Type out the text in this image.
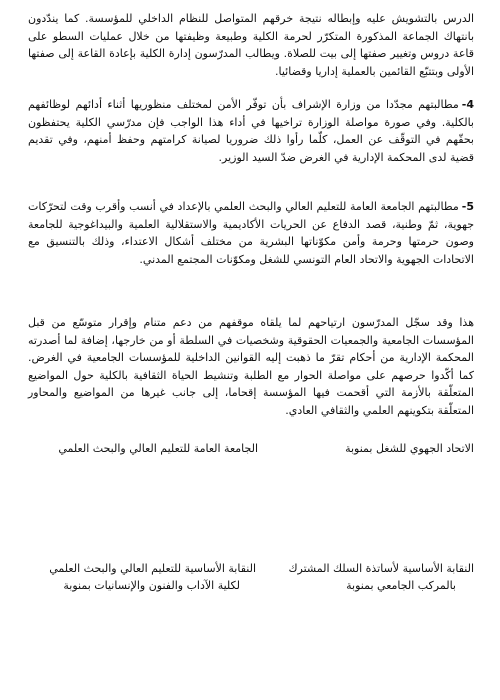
الدرس بالتشويش عليه وإبطاله نتيجة خرقهم المتواصل للنظام الداخلي للمؤسسة. كما يندّدون بانتهاك الجماعة المذكورة المتكرّر لحرمة الكلية وطبيعة وظيفتها من خلال عمليات السطو على قاعة دروس وتغيير صفتها إلى بيت للصلاة. ويطالب المدرّسون إدارة الكلية بإعادة القاعة إلى صفتها الأولى وبتتبّع القائمين بالعملية إداريا وقضائيا.

4-مطالبتهم مجدّدا من وزارة الإشراف بأن توفّر الأمن لمختلف منظوريها أثناء أدائهم لوظائفهم بالكلية. وفي صورة مواصلة الوزارة تراخيها في أداء هذا الواجب فإن مدرّسي الكلية يحتفظون بحقّهم في التوقّف عن العمل، كلّما رأوا ذلك ضروريا لصيانة كرامتهم وحفظ أمنهم، وفي تقديم قضية لدى المحكمة الإدارية في الغرض ضدّ السيد الوزير.

5-مطالبتهم الجامعة العامة للتعليم العالي والبحث العلمي بالإعداد في أنسب وأقرب وقت لتحرّكات جهوية، ثمّ وطنية، قصد الدفاع عن الحريات الأكاديمية والاستقلالية العلمية والبيداغوجية للجامعة وصون حرمتها وحرمة وأمن مكوّناتها البشرية من مختلف أشكال الاعتداء، وذلك بالتنسيق مع الاتحادات الجهوية والاتحاد العام التونسي للشغل ومكوّنات المجتمع المدني.

هذا وقد سجّل المدرّسون ارتياحهم لما يلقاه موقفهم من دعم متنام وإقرار متوسّع من قبل المؤسسات الجامعية والجمعيات الحقوقية وشخصيات في السلطة أو من خارجها، إضافة لما أصدرته المحكمة الإدارية من أحكام تقرّ ما ذهبت إليه القوانين الداخلية للمؤسسات الجامعية في الغرض. كما أكّدوا حرصهم على مواصلة الحوار مع الطلبة وتنشيط الحياة الثقافية بالكلية حول المواضيع المتعلّقة بالأزمة التي أقحمت فيها المؤسسة إقحاما، إلى جانب غيرها من المواضيع والمحاور المتعلّقة بتكوينهم العلمي والثقافي العادي.

الاتحاد الجهوي للشغل بمنوبة
الجامعة العامة للتعليم العالي والبحث العلمي
النقابة الأساسية لأساتذة السلك المشترك
بالمركب الجامعي بمنوبة
النقابة الأساسية للتعليم العالي والبحث العلمي
لكلية الآداب والفنون والإنسانيات بمنوبة
